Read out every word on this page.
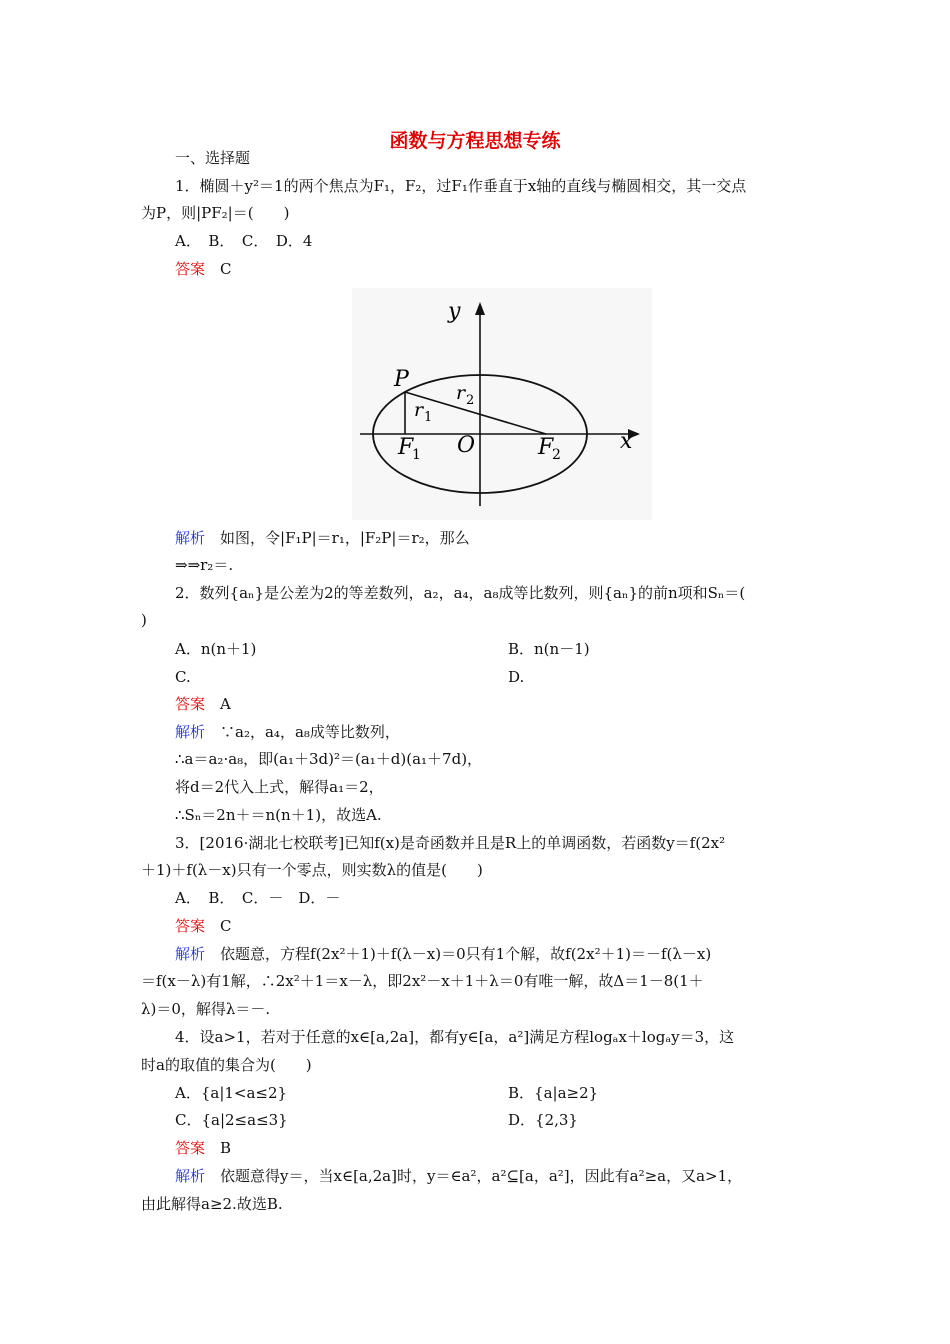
函数与方程思想专练
一、选择题
1．椭圆＋y²＝1的两个焦点为F₁，F₂，过F₁作垂直于x轴的直线与椭圆相交，其一交点
为P，则|PF₂|＝(　　)
A．　B．　C．　D．4
答案　 C
y
x
P
O
r 1
r 2
F
1	F
2
解析　 如图，令|F₁P|＝r₁，|F₂P|＝r₂，那么
⇒⇒r₂＝.
2．数列{aₙ}是公差为2的等差数列，a₂，a₄，a₈成等比数列，则{aₙ}的前n项和Sₙ＝(
)
A．n(n＋1)	B．n(n－1)
C.	D.
答案　 A
解析　 ∵a₂，a₄，a₈成等比数列，
∴a＝a₂·a₈，即(a₁＋3d)²＝(a₁＋d)(a₁＋7d)，
将d＝2代入上式，解得a₁＝2，
∴Sₙ＝2n＋＝n(n＋1)，故选A.
3．[2016·湖北七校联考]已知f(x)是奇函数并且是R上的单调函数，若函数y＝f(2x²
＋1)＋f(λ－x)只有一个零点，则实数λ的值是(　　)
A．　B．　C．－　D．－
答案　 C
解析　 依题意，方程f(2x²＋1)＋f(λ－x)＝0只有1个解，故f(2x²＋1)＝－f(λ－x)
＝f(x－λ)有1解，∴2x²＋1＝x－λ，即2x²－x＋1＋λ＝0有唯一解，故Δ＝1－8(1＋
λ)＝0，解得λ＝－.
4．设a>1，若对于任意的x∈[a,2a]，都有y∈[a，a²]满足方程logₐx＋logₐy＝3，这
时a的取值的集合为(　　)
A．{a|1<a≤2}	B．{a|a≥2}
C．{a|2≤a≤3}	D．{2,3}
答案　 B
解析　 依题意得y＝，当x∈[a,2a]时，y＝∈a²，a²⊆[a，a²]，因此有a²≥a，又a>1，
由此解得a≥2.故选B.
